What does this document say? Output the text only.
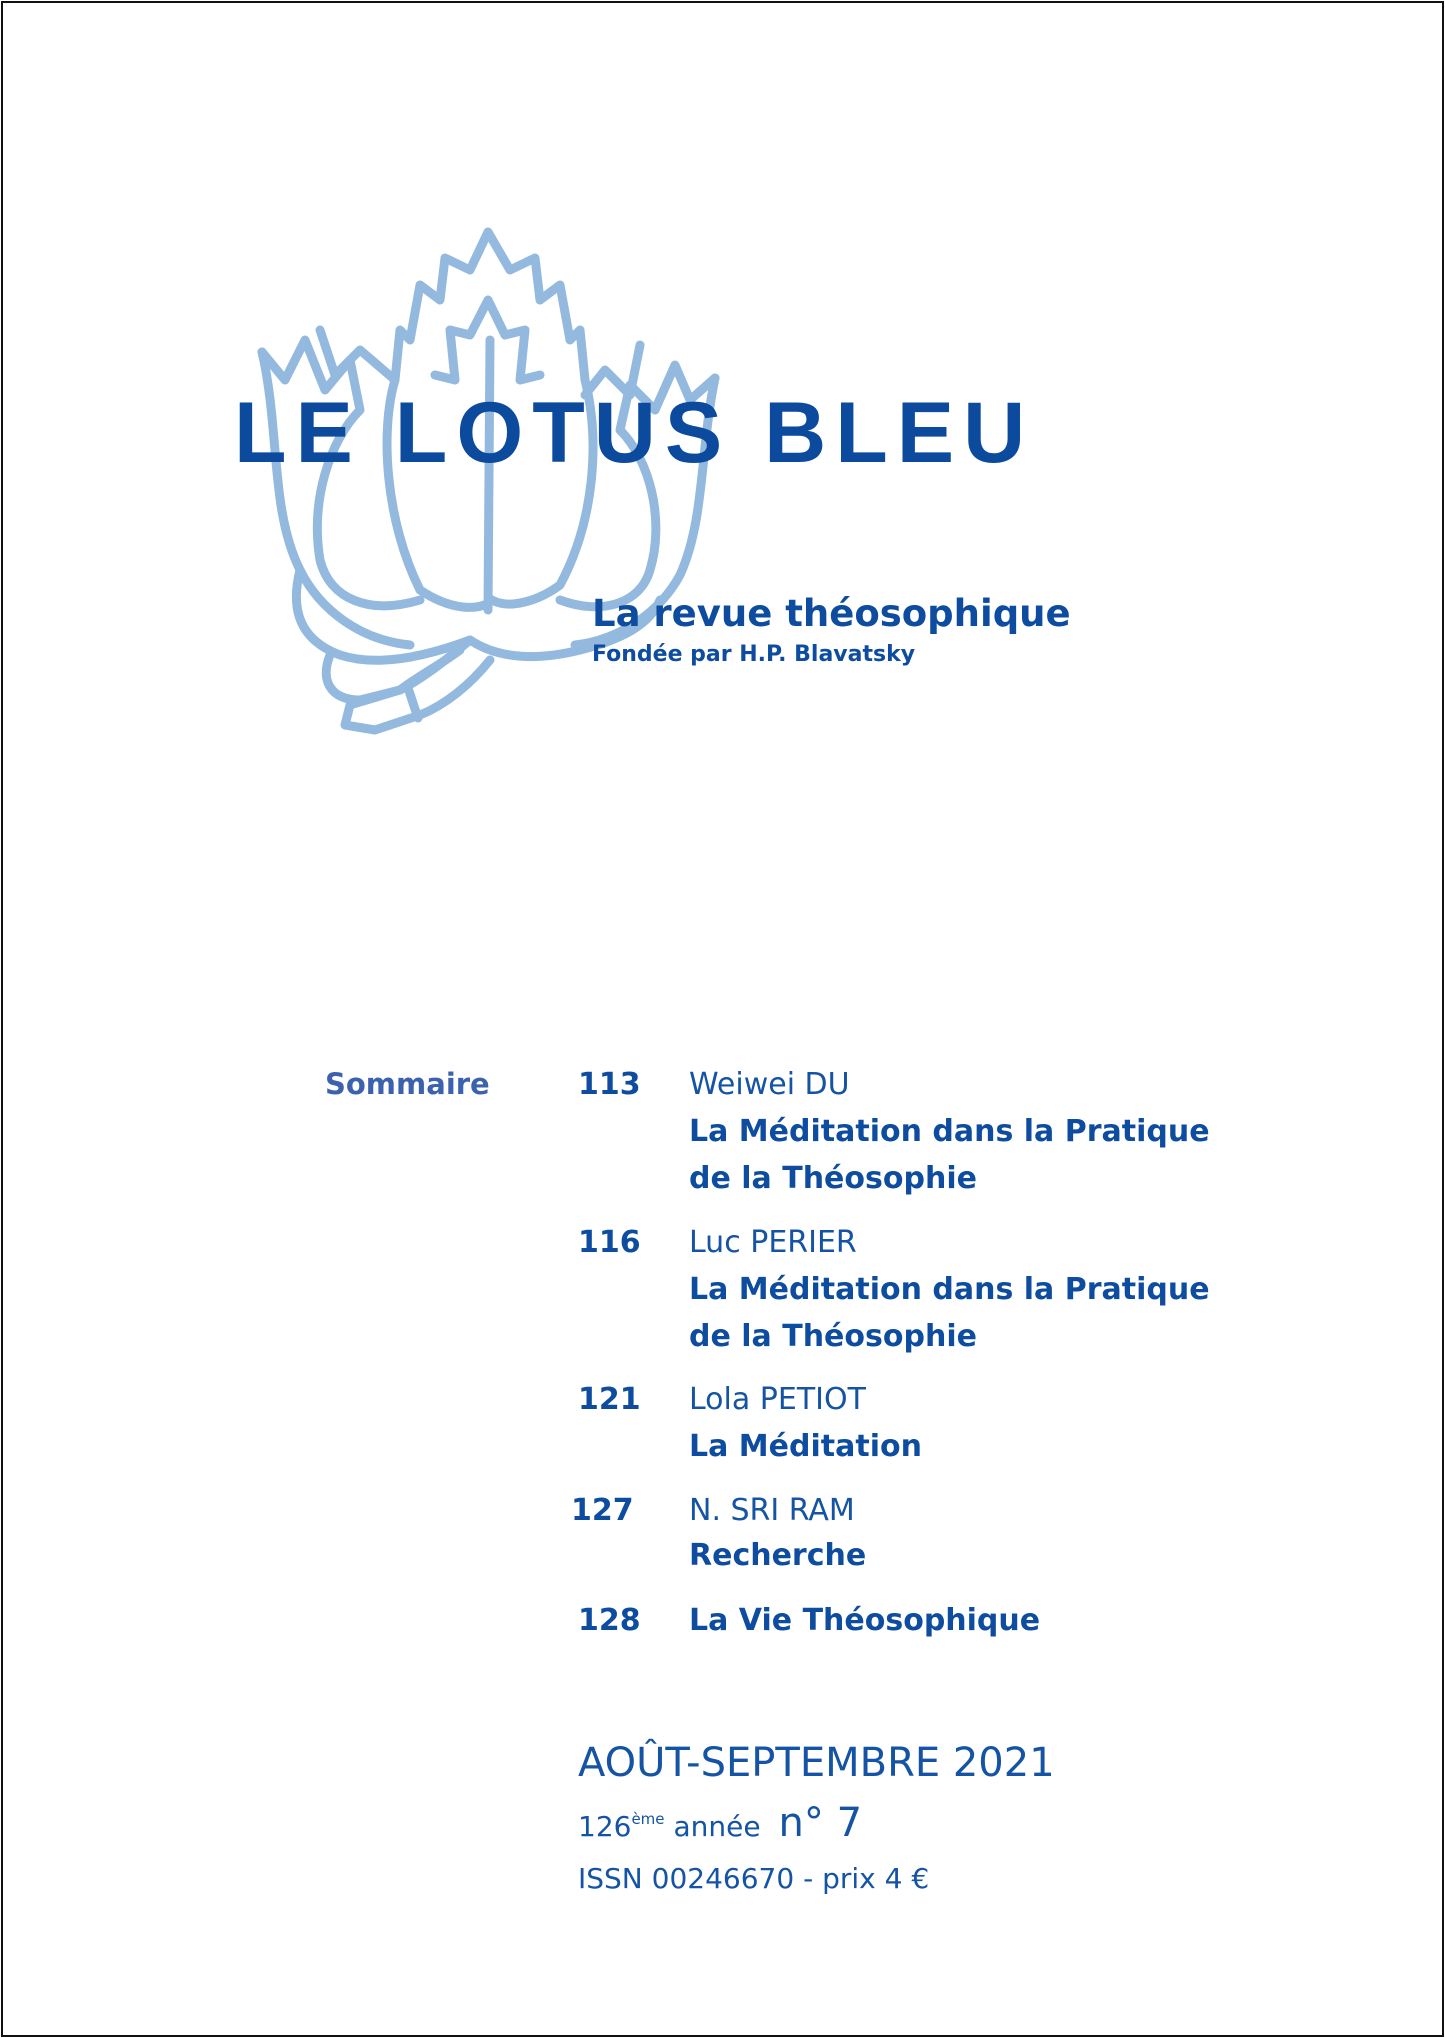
LE LOTUS BLEU
La revue théosophique
Fondée par H.P. Blavatsky
Sommaire	113 Weiwei DU
La Méditation dans la Pratique
de la Théosophie
116 Luc PERIER
La Méditation dans la Pratique
de la Théosophie
121 Lola PETIOT
La Méditation
127 N. SRI RAM
Recherche
128 La Vie Théosophique
AOÛT-SEPTEMBRE 2021
126ème année n° 7
ISSN 00246670 - prix 4 €
